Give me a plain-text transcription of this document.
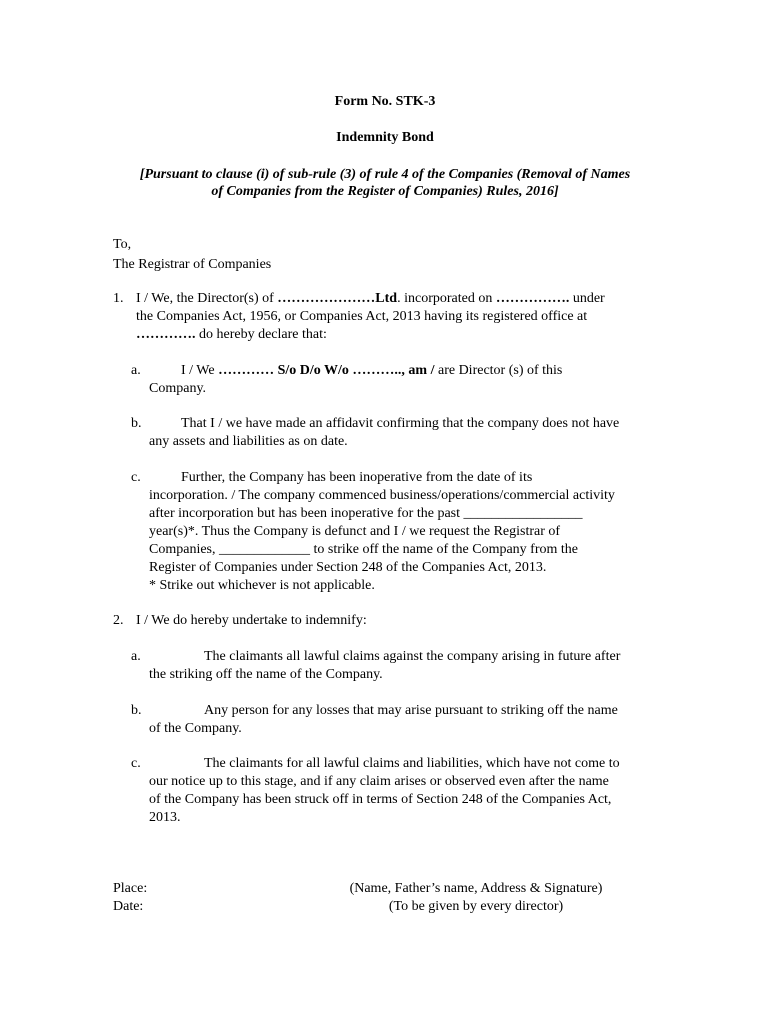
Form No. STK-3
Indemnity Bond
[Pursuant to clause (i) of sub-rule (3) of rule 4 of the Companies (Removal of Names
of Companies from the Register of Companies) Rules, 2016]
To,
The Registrar of Companies
1. I / We, the Director(s) of …………………Ltd. incorporated on ……………. under
the Companies Act, 1956, or Companies Act, 2013 having its registered office at
…………. do hereby declare that:
a.	I / We ………… S/o D/o W/o ……….., am / are Director (s) of this
Company.
b.	That I / we have made an affidavit confirming that the company does not have
any assets and liabilities as on date.
c.	Further, the Company has been inoperative from the date of its
incorporation. / The company commenced business/operations/commercial activity
after incorporation but has been inoperative for the past _________________
year(s)*. Thus the Company is defunct and I / we request the Registrar of
Companies, _____________ to strike off the name of the Company from the
Register of Companies under Section 248 of the Companies Act, 2013.
* Strike out whichever is not applicable.
2. I / We do hereby undertake to indemnify:
a.	The claimants all lawful claims against the company arising in future after
the striking off the name of the Company.
b.	Any person for any losses that may arise pursuant to striking off the name
of the Company.
c.	The claimants for all lawful claims and liabilities, which have not come to
our notice up to this stage, and if any claim arises or observed even after the name
of the Company has been struck off in terms of Section 248 of the Companies Act,
2013.
Place:
Date:
(Name, Father’s name, Address & Signature)
(To be given by every director)
